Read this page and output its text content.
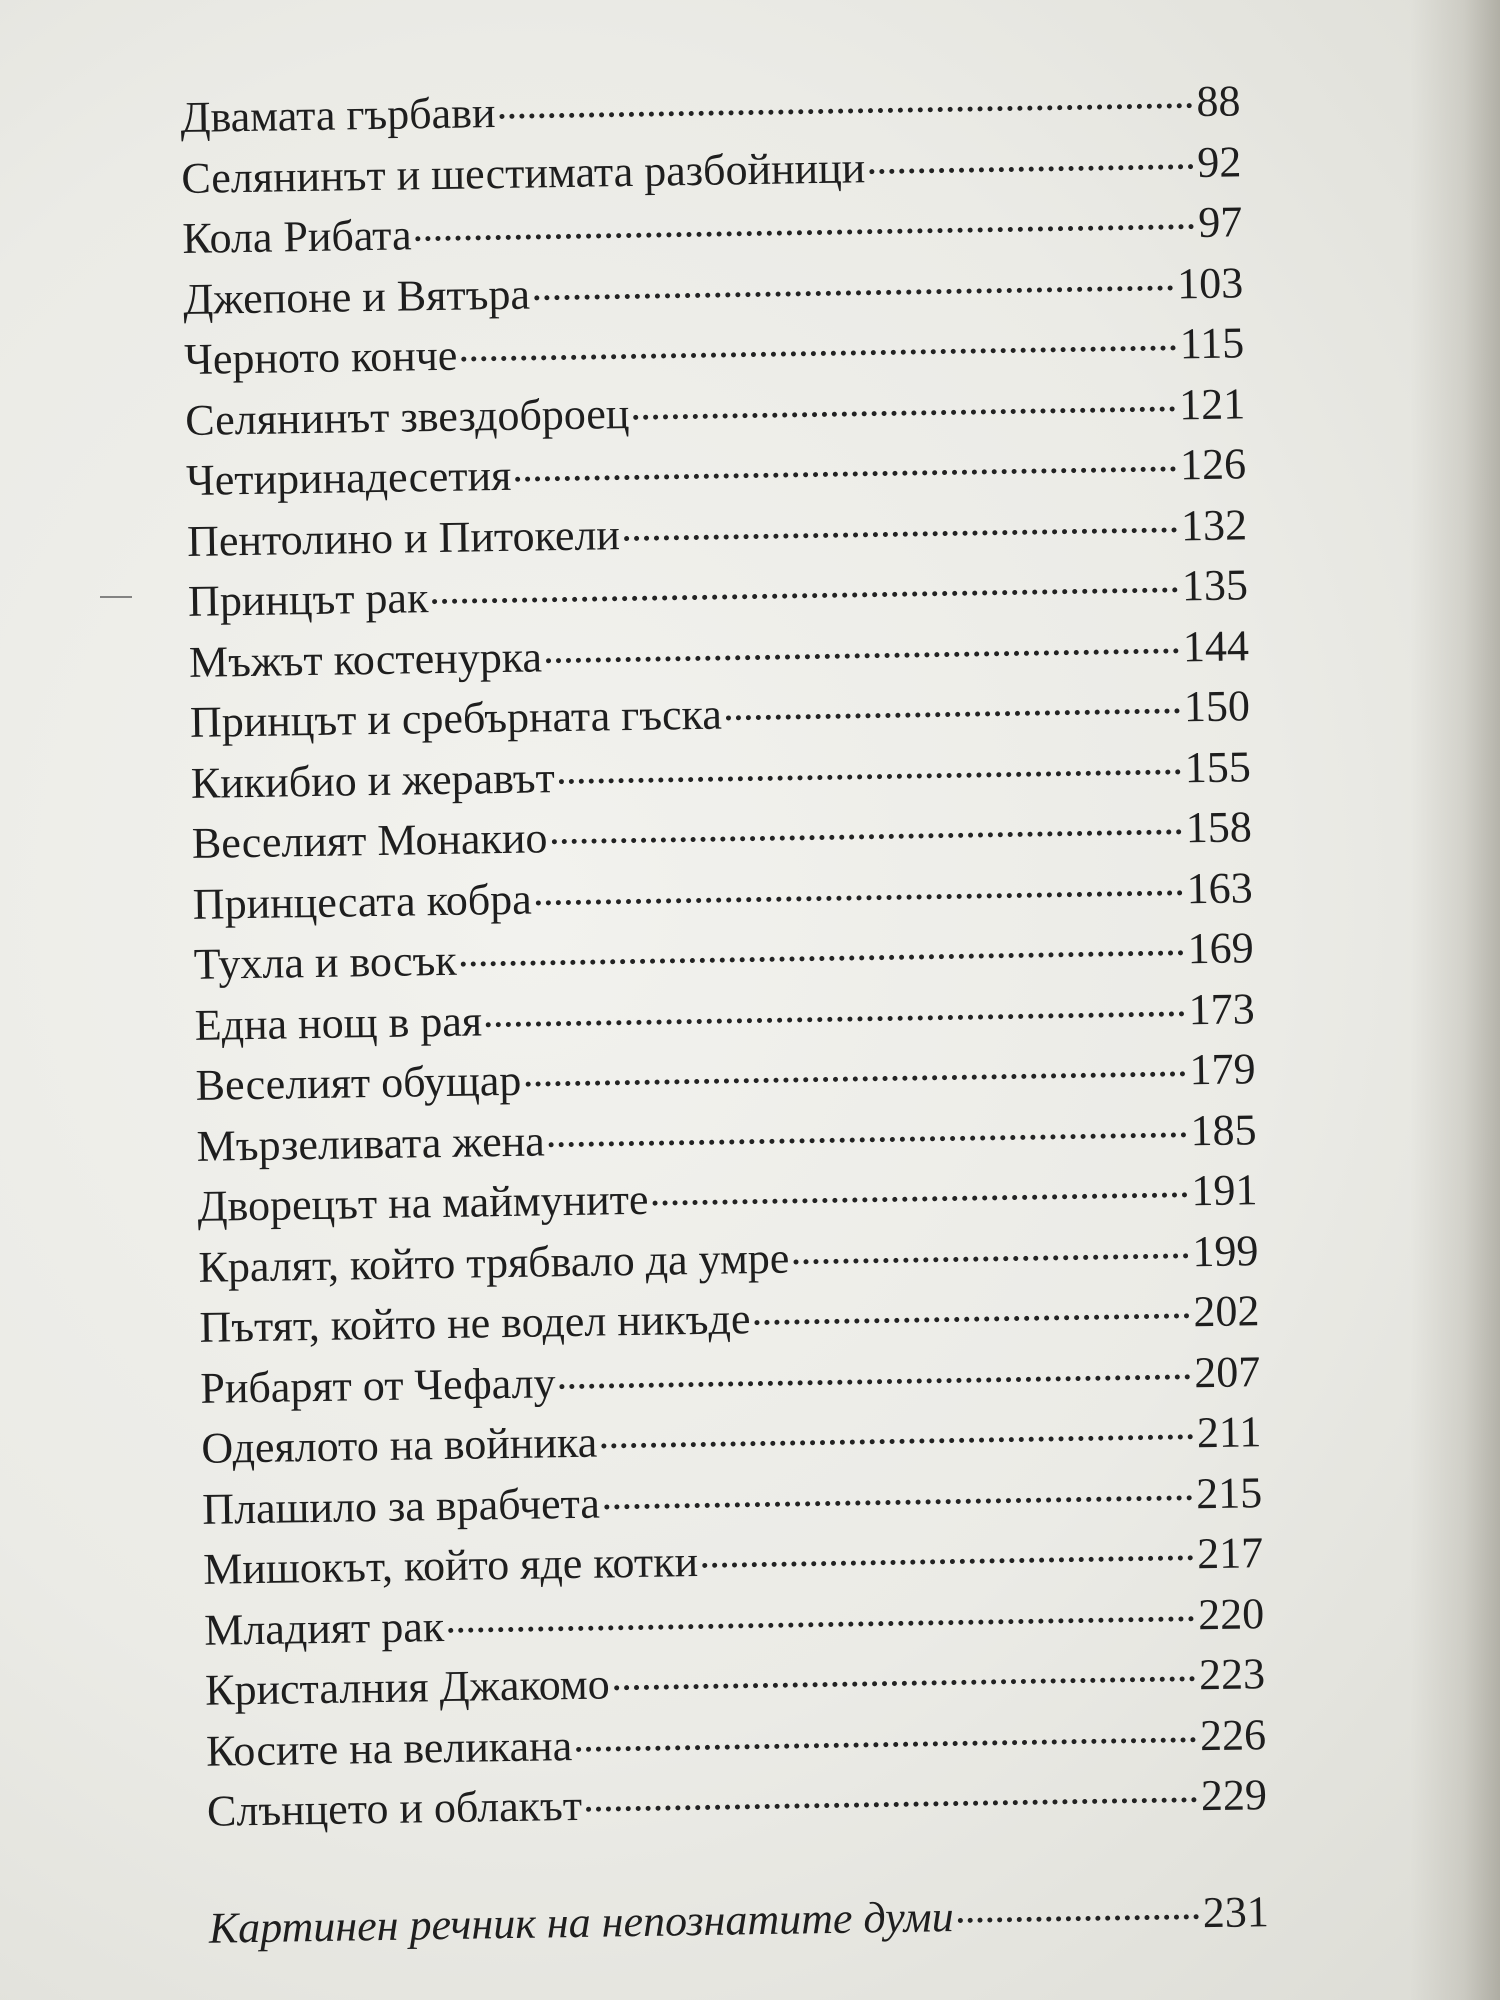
Двамата гърбави	88
Селянинът и шестимата разбойници	92
Кола Рибата	97
Джепоне и Вятъра	103
Черното конче	115
Селянинът звездоброец	121
Четиринадесетия	126
Пентолино и Питокели	132
Принцът рак	135
Мъжът костенурка	144
Принцът и сребърната гъска	150
Кикибио и жеравът	155
Веселият Монакио	158
Принцесата кобра	163
Тухла и восък	169
Една нощ в рая	173
Веселият обущар	179
Мързеливата жена	185
Дворецът на маймуните	191
Кралят, който трябвало да умре	199
Пътят, който не водел никъде	202
Рибарят от Чефалу	207
Одеялото на войника	211
Плашило за врабчета	215
Мишокът, който яде котки	217
Младият рак	220
Кристалния Джакомо	223
Косите на великана	226
Слънцето и облакът	229
Картинен речник на непознатите думи	231
